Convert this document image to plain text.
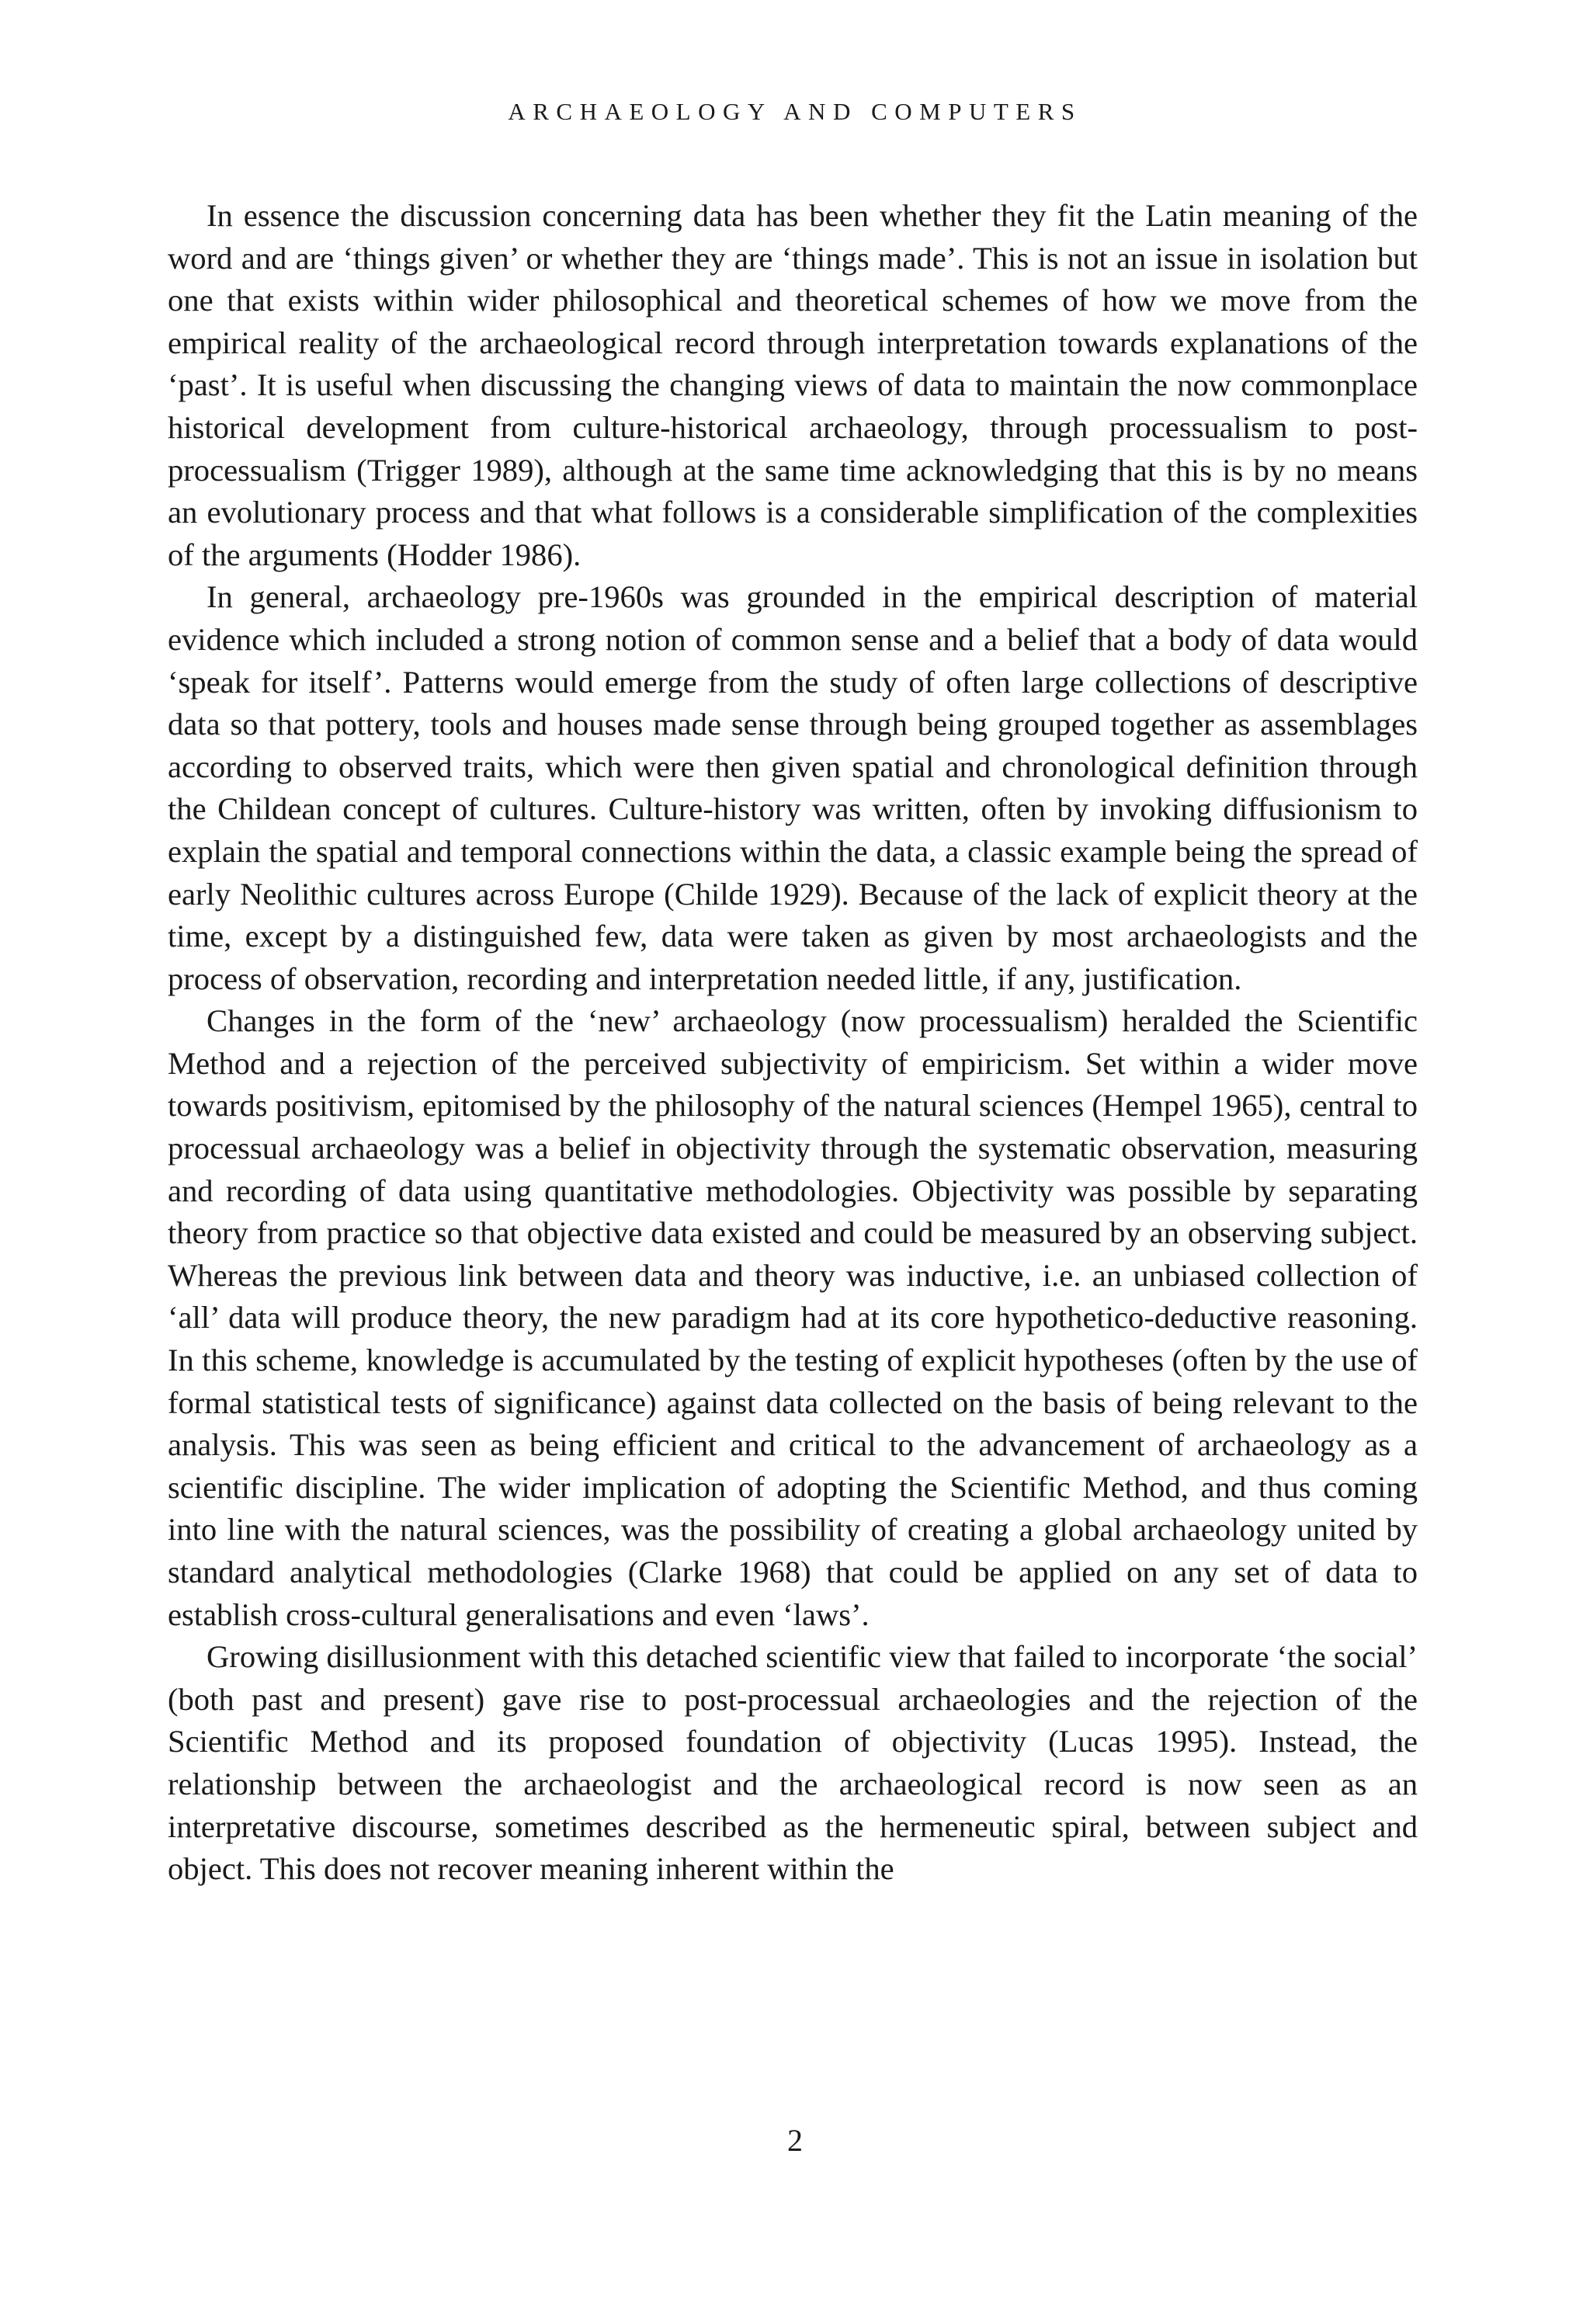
ARCHAEOLOGY AND COMPUTERS

In essence the discussion concerning data has been whether they fit the Latin meaning of the word and are ‘things given’ or whether they are ‘things made’. This is not an issue in isolation but one that exists within wider philosophical and theoretical schemes of how we move from the empirical reality of the archaeological record through interpretation towards explanations of the ‘past’. It is useful when discussing the changing views of data to maintain the now commonplace historical development from culture-historical archaeology, through processualism to post-processualism (Trigger 1989), although at the same time acknowledging that this is by no means an evolutionary process and that what follows is a considerable simplification of the complexities of the arguments (Hodder 1986).

In general, archaeology pre-1960s was grounded in the empirical description of material evidence which included a strong notion of common sense and a belief that a body of data would ‘speak for itself’. Patterns would emerge from the study of often large collections of descriptive data so that pottery, tools and houses made sense through being grouped together as assemblages according to observed traits, which were then given spatial and chronological definition through the Childean concept of cultures. Culture-history was written, often by invoking diffusionism to explain the spatial and temporal connections within the data, a classic example being the spread of early Neolithic cultures across Europe (Childe 1929). Because of the lack of explicit theory at the time, except by a distinguished few, data were taken as given by most archaeologists and the process of observation, recording and interpretation needed little, if any, justification.

Changes in the form of the ‘new’ archaeology (now processualism) heralded the Scientific Method and a rejection of the perceived subjectivity of empiricism. Set within a wider move towards positivism, epitomised by the philosophy of the natural sciences (Hempel 1965), central to processual archaeology was a belief in objectivity through the systematic observation, measuring and recording of data using quantitative methodologies. Objectivity was possible by separating theory from practice so that objective data existed and could be measured by an observing subject. Whereas the previous link between data and theory was inductive, i.e. an unbiased collection of ‘all’ data will produce theory, the new paradigm had at its core hypothetico-deductive reasoning. In this scheme, knowledge is accumulated by the testing of explicit hypotheses (often by the use of formal statistical tests of significance) against data collected on the basis of being relevant to the analysis. This was seen as being efficient and critical to the advancement of archaeology as a scientific discipline. The wider implication of adopting the Scientific Method, and thus coming into line with the natural sciences, was the possibility of creating a global archaeology united by standard analytical methodologies (Clarke 1968) that could be applied on any set of data to establish cross-cultural generalisations and even ‘laws’.

Growing disillusionment with this detached scientific view that failed to incorporate ‘the social’ (both past and present) gave rise to post-processual archaeologies and the rejection of the Scientific Method and its proposed foundation of objectivity (Lucas 1995). Instead, the relationship between the archaeologist and the archaeological record is now seen as an interpretative discourse, sometimes described as the hermeneutic spiral, between subject and object. This does not recover meaning inherent within the

2
